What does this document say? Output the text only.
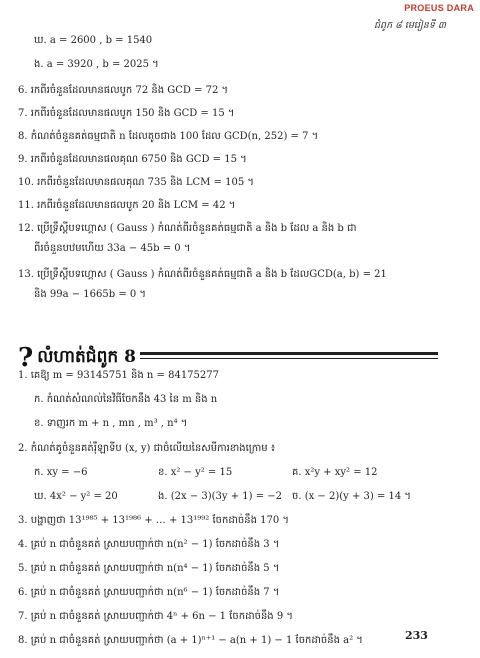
PROEUS DARA
ជំពូក ៨ មេរៀនទី ៣
ឃ. a = 2600 , b = 1540
ង. a = 3920 , b = 2025 ។
6. រកពីរចំនួនដែលមានផលបូក 72 និង GCD = 72 ។
7. រកពីរចំនួនដែលមានផលបូក 150 និង GCD = 15 ។
8. កំណត់ចំនួនគត់ធម្មជាតិ n ដែលតូចជាង 100 ដែល GCD(n, 252) = 7 ។
9. រកពីរចំនួនដែលមានផលគុណ 6750 និង GCD = 15 ។
10. រកពីរចំនួនដែលមានផលគុណ 735 និង LCM = 105 ។
11. រកពីរចំនួនដែលមានផលបូក 20 និង LCM = 42 ។
12. ប្រើទ្រឹស្តីបទហ្គោស ( Gauss ) កំណត់ពីរចំនួនគត់ធម្មជាតិ a និង b ដែល a និង b ជា
ពីរចំនួនបឋមហើយ 33a − 45b = 0 ។
13. ប្រើទ្រឹស្តីបទហ្គោស ( Gauss ) កំណត់ពីរចំនួនគត់ធម្មជាតិ a និង b ដែលGCD(a, b) = 21
និង 99a − 1665b = 0 ។
1. គេឱ្យ m = 93145751 និង n = 84175277
ក. កំណត់សំណល់នៃវិធីចែកនឹង 43 នៃ m និង n
ខ. ទាញរក m + n , mn , m³ , n⁴ ។
2. កំណត់គូចំនួនគត់រ៉ឺឡាទីប (x, y) ជាចំលើយនៃសមីការខាងក្រោម ៖
ក. xy = −6	ខ. x² − y² = 15	គ. x²y + xy² = 12
ឃ. 4x² − y² = 20	ង. (2x − 3)(3y + 1) = −2 ច. (x − 2)(y + 3) = 14 ។
3. បង្ហាញថា 13¹⁹⁸⁵ + 13¹⁹⁸⁶ + … + 13¹⁹⁹² ចែកដាច់នឹង 170 ។
4. គ្រប់ n ជាចំនួនគត់ ស្រាយបញ្ជាក់ថា n(n² − 1) ចែកដាច់នឹង 3 ។
5. គ្រប់ n ជាចំនួនគត់ ស្រាយបញ្ជាក់ថា n(n⁴ − 1) ចែកដាច់នឹង 5 ។
6. គ្រប់ n ជាចំនួនគត់ ស្រាយបញ្ជាក់ថា n(n⁶ − 1) ចែកដាច់នឹង 7 ។
7. គ្រប់ n ជាចំនួនគត់ ស្រាយបញ្ជាក់ថា 4ⁿ + 6n − 1 ចែកដាច់នឹង 9 ។
8. គ្រប់ n ជាចំនួនគត់ ស្រាយបញ្ជាក់ថា (a + 1)ⁿ⁺¹ − a(n + 1) − 1 ចែកដាច់នឹង a² ។
? លំហាត់ជំពូក 8
233
